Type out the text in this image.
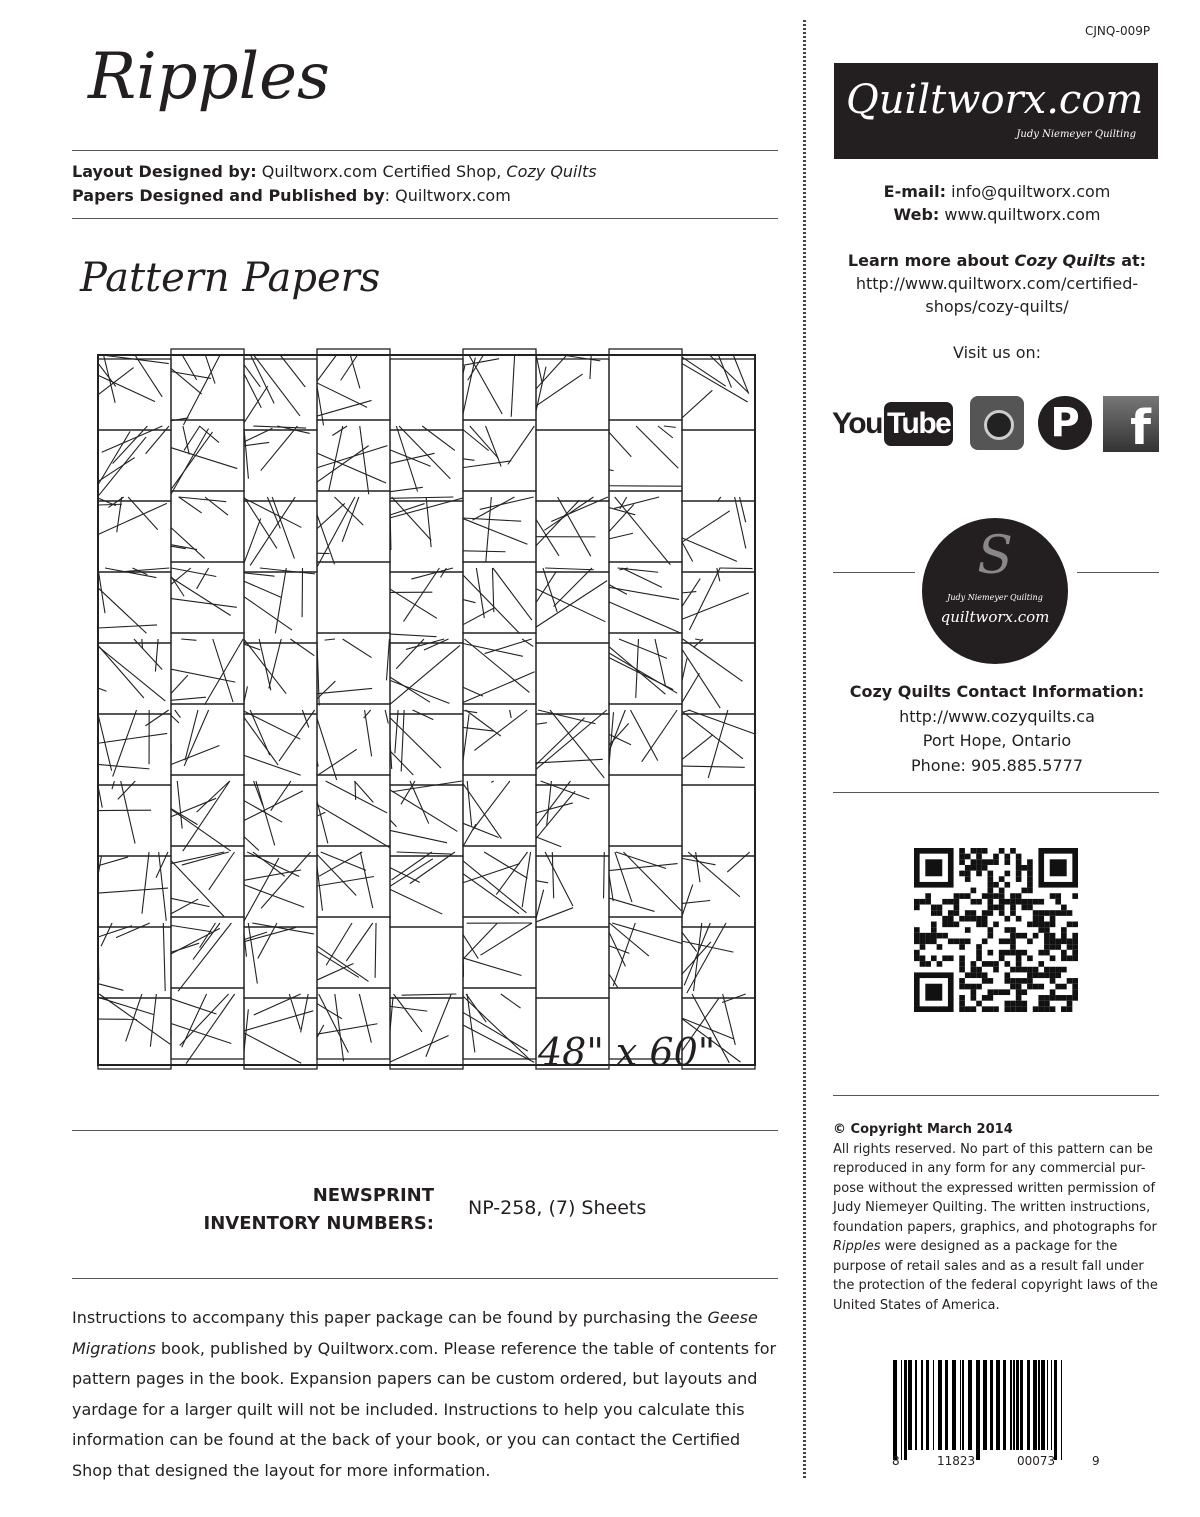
Ripples
Layout Designed by: Quiltworx.com Certified Shop, Cozy Quilts
Papers Designed and Published by: Quiltworx.com
Pattern Papers
48" x 60"
NEWSPRINT
INVENTORY NUMBERS:
NP-258, (7) Sheets
Instructions to accompany this paper package can be found by purchasing the Geese Migrations book, published by Quiltworx.com. Please reference the table of contents for pattern pages in the book. Expansion papers can be custom ordered, but layouts and yardage for a larger quilt will not be included. Instructions to help you calculate this information can be found at the back of your book, or you can contact the Certified Shop that designed the layout for more information.
CJNQ-009P
Quiltworx.com
Judy Niemeyer Quilting
E-mail: info@quiltworx.com
Web: www.quiltworx.com
Learn more about Cozy Quilts at:
http://www.quiltworx.com/certified-
shops/cozy-quilts/
Visit us on:
You Tube	P	f
S
Judy Niemeyer Quilting
quiltworx.com
Cozy Quilts Contact Information:
http://www.cozyquilts.ca
Port Hope, Ontario
Phone: 905.885.5777
© Copyright March 2014
All rights reserved. No part of this pattern can be reproduced in any form for any commercial pur-pose without the expressed written permission of Judy Niemeyer Quilting. The written instructions, foundation papers, graphics, and photographs for Ripples were designed as a package for the purpose of retail sales and as a result fall under the protection of the federal copyright laws of the United States of America.
8	11823	00073	9
